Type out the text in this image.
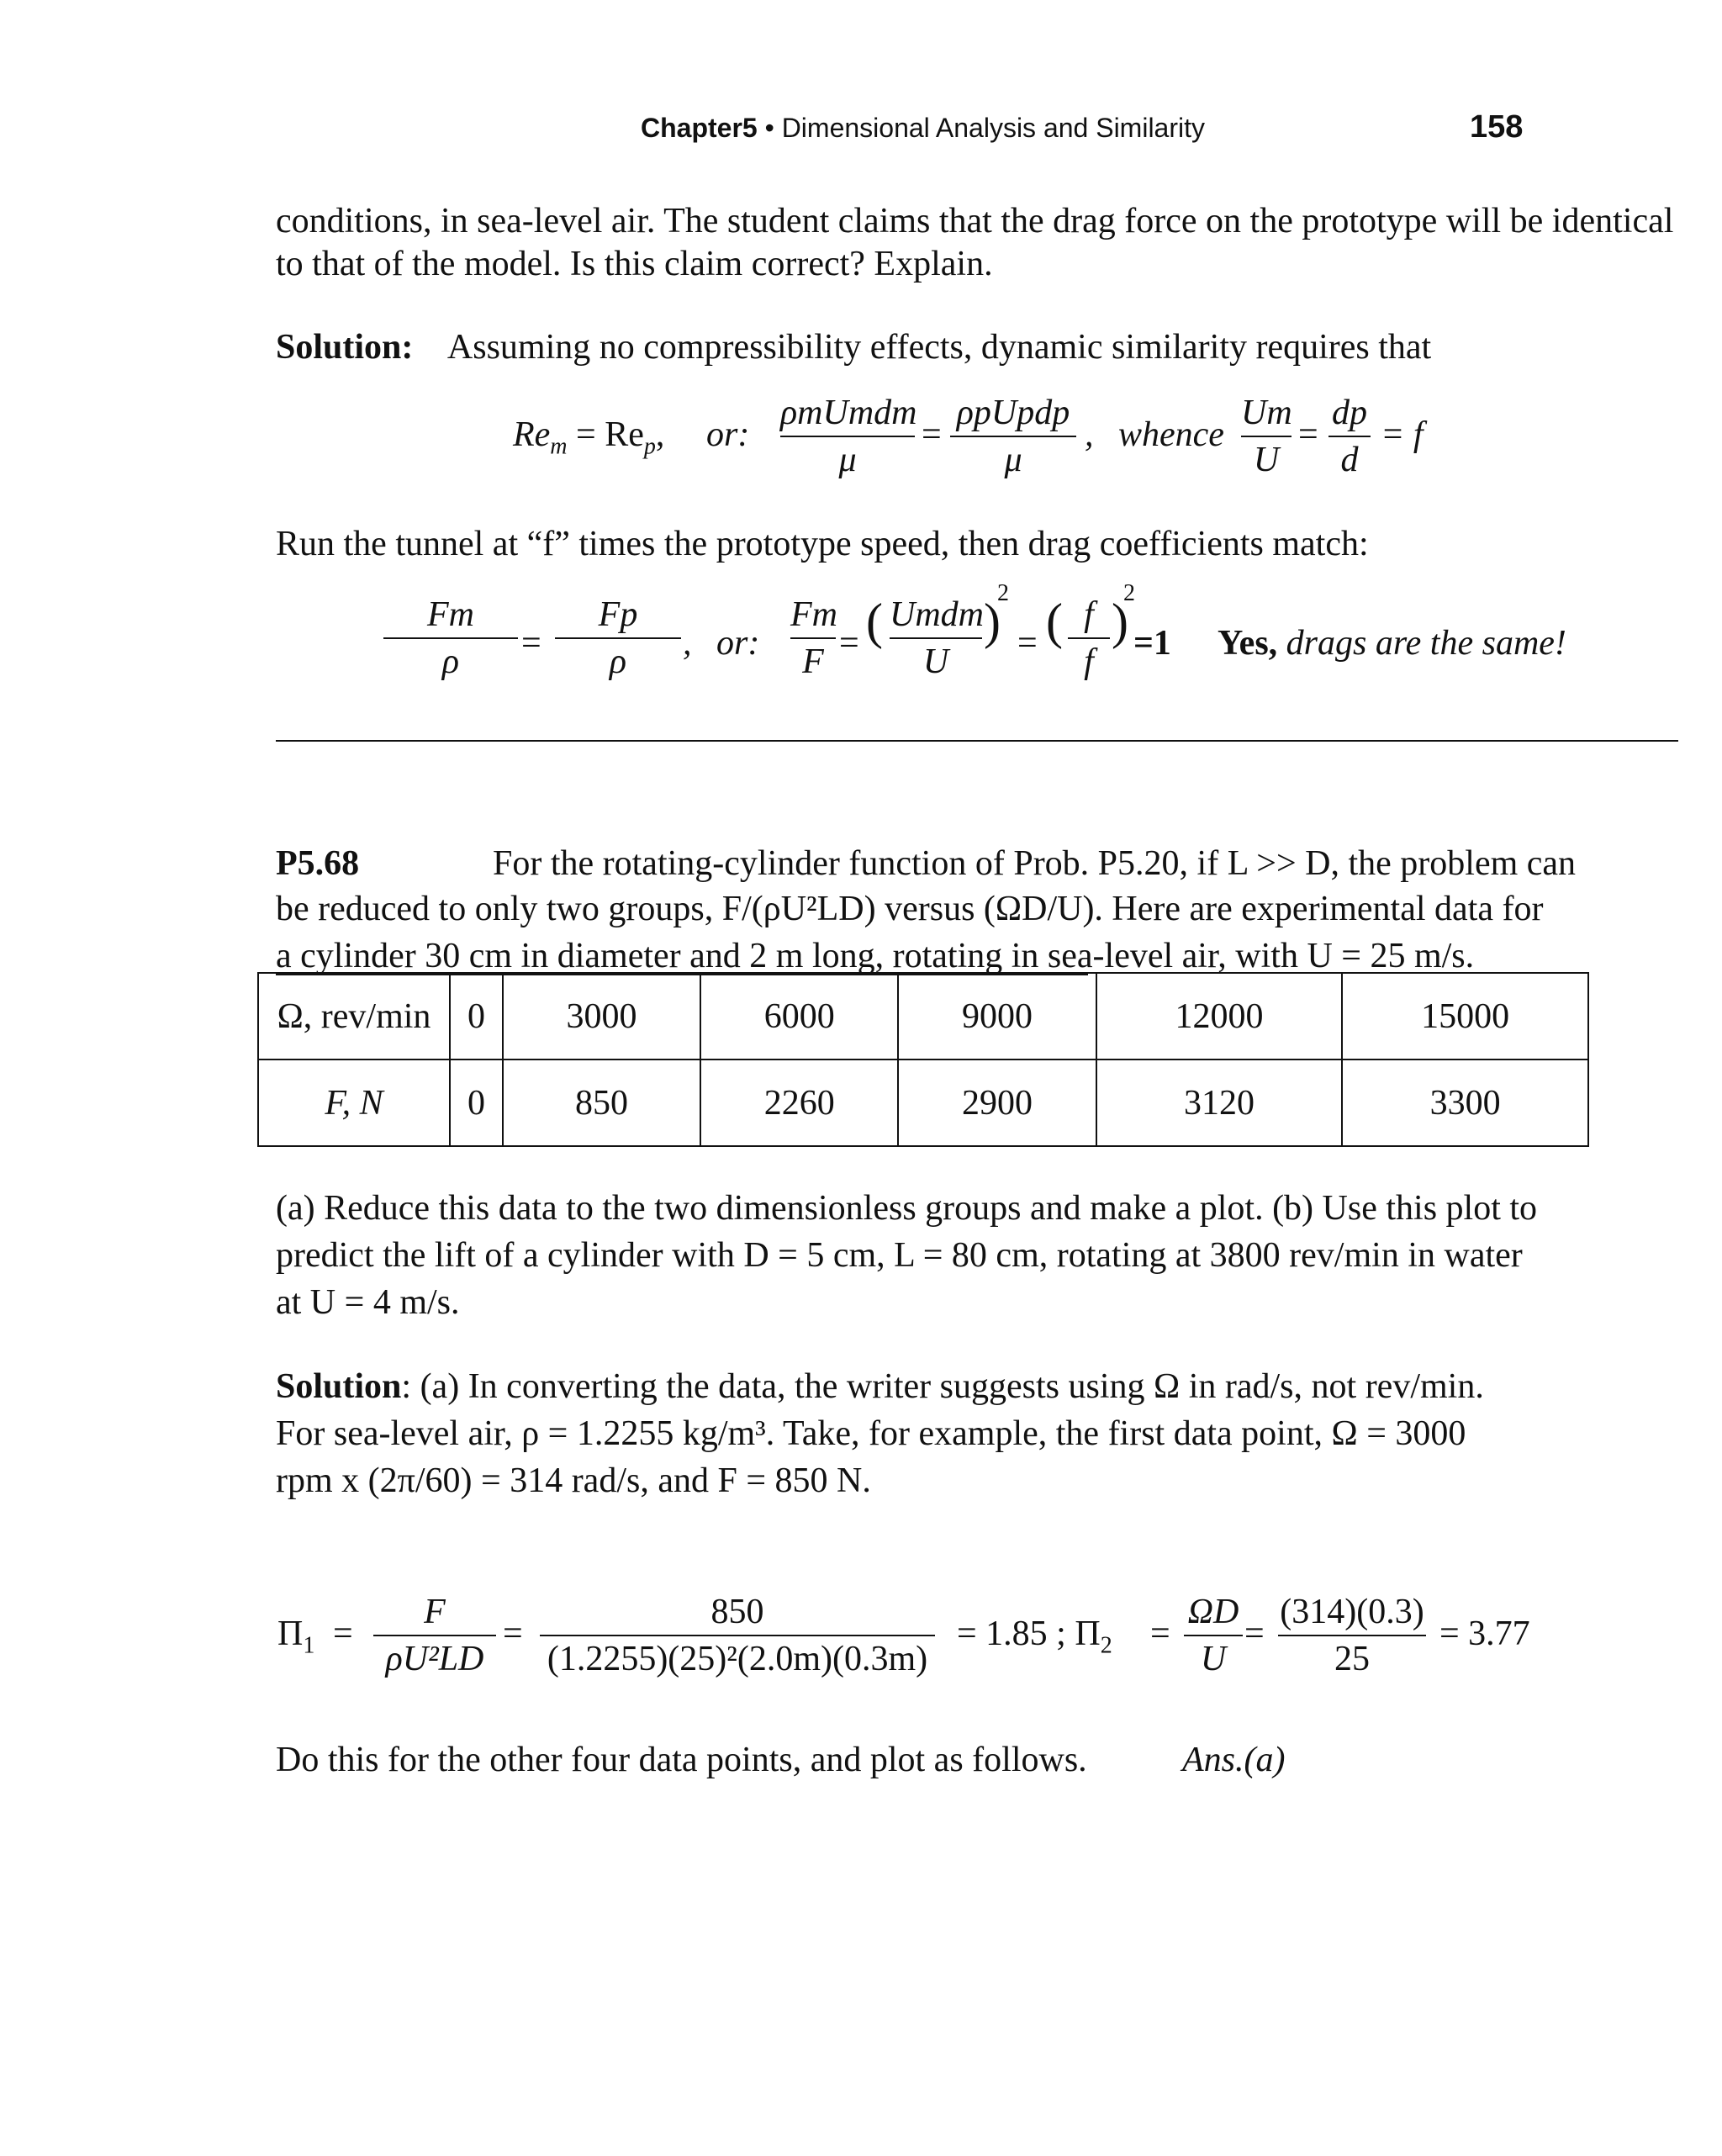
Chapter5 • Dimensional Analysis and Similarity	158
conditions, in sea-level air. The student claims that the drag force on the prototype will be identical
to that of the model. Is this claim correct? Explain.
Solution: Assuming no compressibility effects, dynamic similarity requires that
$Re_m = Re_p$, or:
ρmUmdm
μ
=
ρpUpdp
μ
, whence
Um
U
=
dp
d
= f
Run the tunnel at “f” times the prototype speed, then drag coefficients match:
Fm
ρ	=
Fp
ρ	, or:
Fm
F = ( Umdm
U
)
2
= ( f
f
)
2
=1 Yes, drags are the same!
P5.68	For the rotating-cylinder function of Prob. P5.20, if L >> D, the problem can
be reduced to only two groups, F/(ρU²LD) versus (ΩD/U). Here are experimental data for
a cylinder 30 cm in diameter and 2 m long, rotating in sea-level air, with U = 25 m/s.
Ω, rev/min	0	3000	6000	9000	12000	15000
F, N	0	850	2260	2900	3120	3300
(a) Reduce this data to the two dimensionless groups and make a plot. (b) Use this plot to
predict the lift of a cylinder with D = 5 cm, L = 80 cm, rotating at 3800 rev/min in water
at U = 4 m/s.
Solution: (a) In converting the data, the writer suggests using Ω in rad/s, not rev/min.
For sea-level air, ρ = 1.2255 kg/m³. Take, for example, the first data point, Ω = 3000
rpm x (2π/60) = 314 rad/s, and F = 850 N.
$\Pi_1$ =
F
ρU²LD
=
850
(1.2255)(25)²(2.0m)(0.3m)
= 1.85 ; $\Pi_2$ =
ΩD
U
=
(314)(0.3)
25
= 3.77
Do this for the other four data points, and plot as follows.	Ans.(a)
